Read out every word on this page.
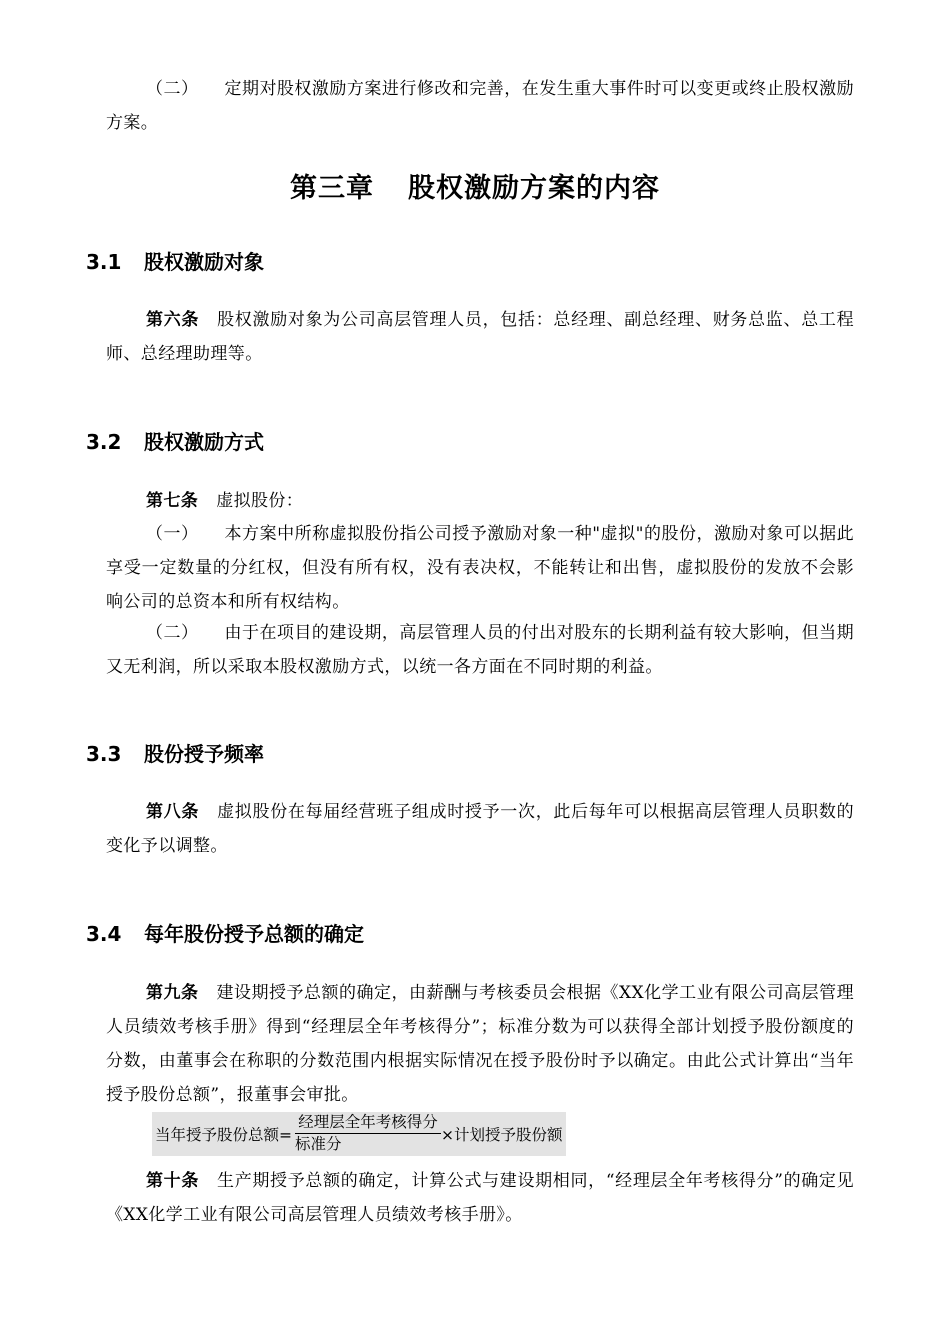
（二） 定期对股权激励方案进行修改和完善，在发生重大事件时可以变更或终止股权激励方案。

第三章 股权激励方案的内容
3.1 股权激励对象

第六条 股权激励对象为公司高层管理人员，包括：总经理、副总经理、财务总监、总工程师、总经理助理等。

3.2 股权激励方式

第七条 虚拟股份：

（一） 本方案中所称虚拟股份指公司授予激励对象一种"虚拟"的股份，激励对象可以据此享受一定数量的分红权，但没有所有权，没有表决权，不能转让和出售，虚拟股份的发放不会影响公司的总资本和所有权结构。

（二） 由于在项目的建设期，高层管理人员的付出对股东的长期利益有较大影响，但当期又无利润，所以采取本股权激励方式，以统一各方面在不同时期的利益。

3.3 股份授予频率

第八条 虚拟股份在每届经营班子组成时授予一次，此后每年可以根据高层管理人员职数的变化予以调整。

3.4 每年股份授予总额的确定

第九条 建设期授予总额的确定，由薪酬与考核委员会根据《XX化学工业有限公司高层管理人员绩效考核手册》得到“经理层全年考核得分”；标准分数为可以获得全部计划授予股份额度的分数，由董事会在称职的分数范围内根据实际情况在授予股份时予以确定。由此公式计算出“当年授予股份总额”，报董事会审批。

当年授予股份总额=
经理层全年考核得分
标准分	×计划授予股份额

第十条 生产期授予总额的确定，计算公式与建设期相同，“经理层全年考核得分”的确定见《XX化学工业有限公司高层管理人员绩效考核手册》。
